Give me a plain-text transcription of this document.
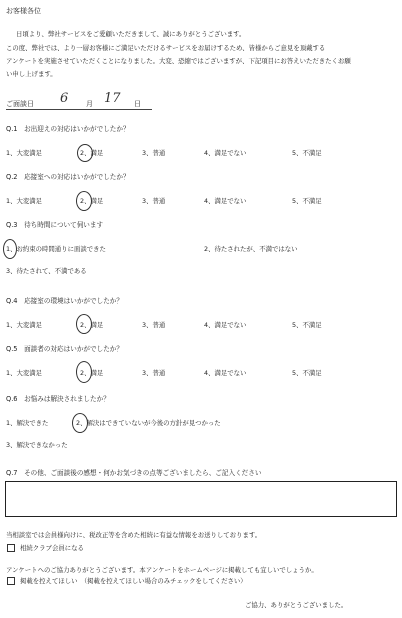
お客様各位
日頃より、弊社サービスをご愛顧いただきまして、誠にありがとうございます。
この度、弊社では、より一層お客様にご満足いただけるサービスをお届けするため、皆様からご意見を頂戴する
アンケートを実施させていただくことになりました。大変、恐縮ではございますが、下記項目にお答えいただきたくお願
い申し上げます。
ご面談日 6	月 17 日
Q.1　お出迎えの対応はいかがでしたか？
1、大変満足	2、満足	3、普通	4、満足でない	5、不満足
Q.2　応接室への対応はいかがでしたか？
1、大変満足	2、満足	3、普通	4、満足でない	5、不満足
Q.3　待ち時間について伺います
1、お約束の時間通りに面談できた	2、待たされたが、不満ではない
3、待たされて、不満である
Q.4　応接室の環境はいかがでしたか？
1、大変満足	2、満足	3、普通	4、満足でない	5、不満足
Q.5　面談者の対応はいかがでしたか？
1、大変満足	2、満足	3、普通	4、満足でない	5、不満足
Q.6　お悩みは解決されましたか？
1、解決できた	2、解決はできていないが今後の方針が見つかった
3、解決できなかった
Q.7　その他、ご面談後の感想・何かお気づきの点等ございましたら、ご記入ください
当相談室では会員様向けに、税改正等を含めた相続に有益な情報をお送りしております。
相続クラブ会員になる
アンケートへのご協力ありがとうございます。本アンケートをホームページに掲載しても宜しいでしょうか。
掲載を控えてほしい　（掲載を控えてほしい場合のみチェックをしてください）
ご協力、ありがとうございました。
